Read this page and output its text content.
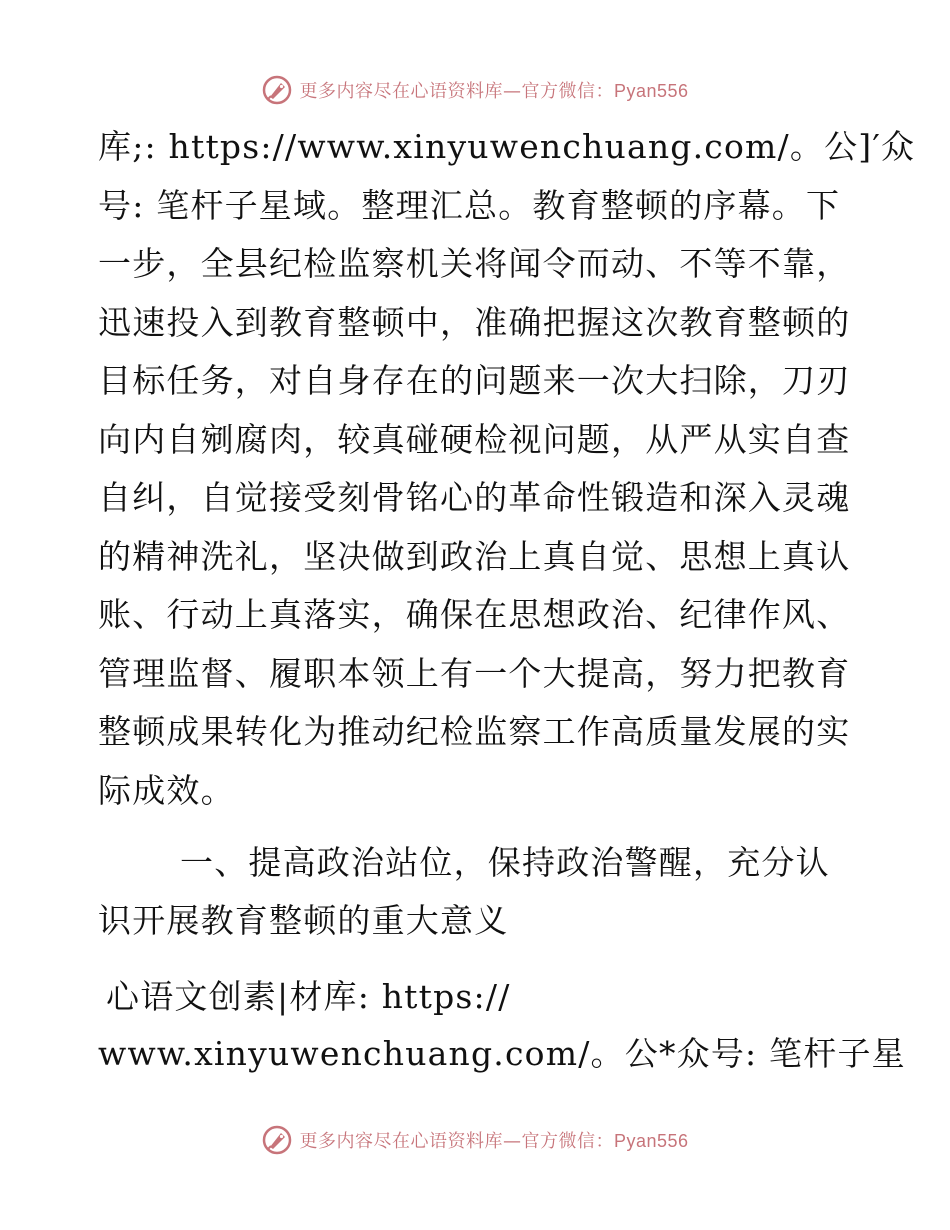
更多内容尽在心语资料库—官方微信：Pyan556
库;: https://www.xinyuwenchuang.com/。公]′众
号: 笔杆子星域。整理汇总。教育整顿的序幕。下
一步，全县纪检监察机关将闻令而动、不等不靠，
迅速投入到教育整顿中，准确把握这次教育整顿的
目标任务，对自身存在的问题来一次大扫除，刀刃
向内自剜腐肉，较真碰硬检视问题，从严从实自查
自纠，自觉接受刻骨铭心的革命性锻造和深入灵魂
的精神洗礼，坚决做到政治上真自觉、思想上真认
账、行动上真落实，确保在思想政治、纪律作风、
管理监督、履职本领上有一个大提高，努力把教育
整顿成果转化为推动纪检监察工作高质量发展的实
际成效。
一、提高政治站位，保持政治警醒，充分认
识开展教育整顿的重大意义
心语文创素|材库: https://
www.xinyuwenchuang.com/。公*众号: 笔杆子星
更多内容尽在心语资料库—官方微信：Pyan556
